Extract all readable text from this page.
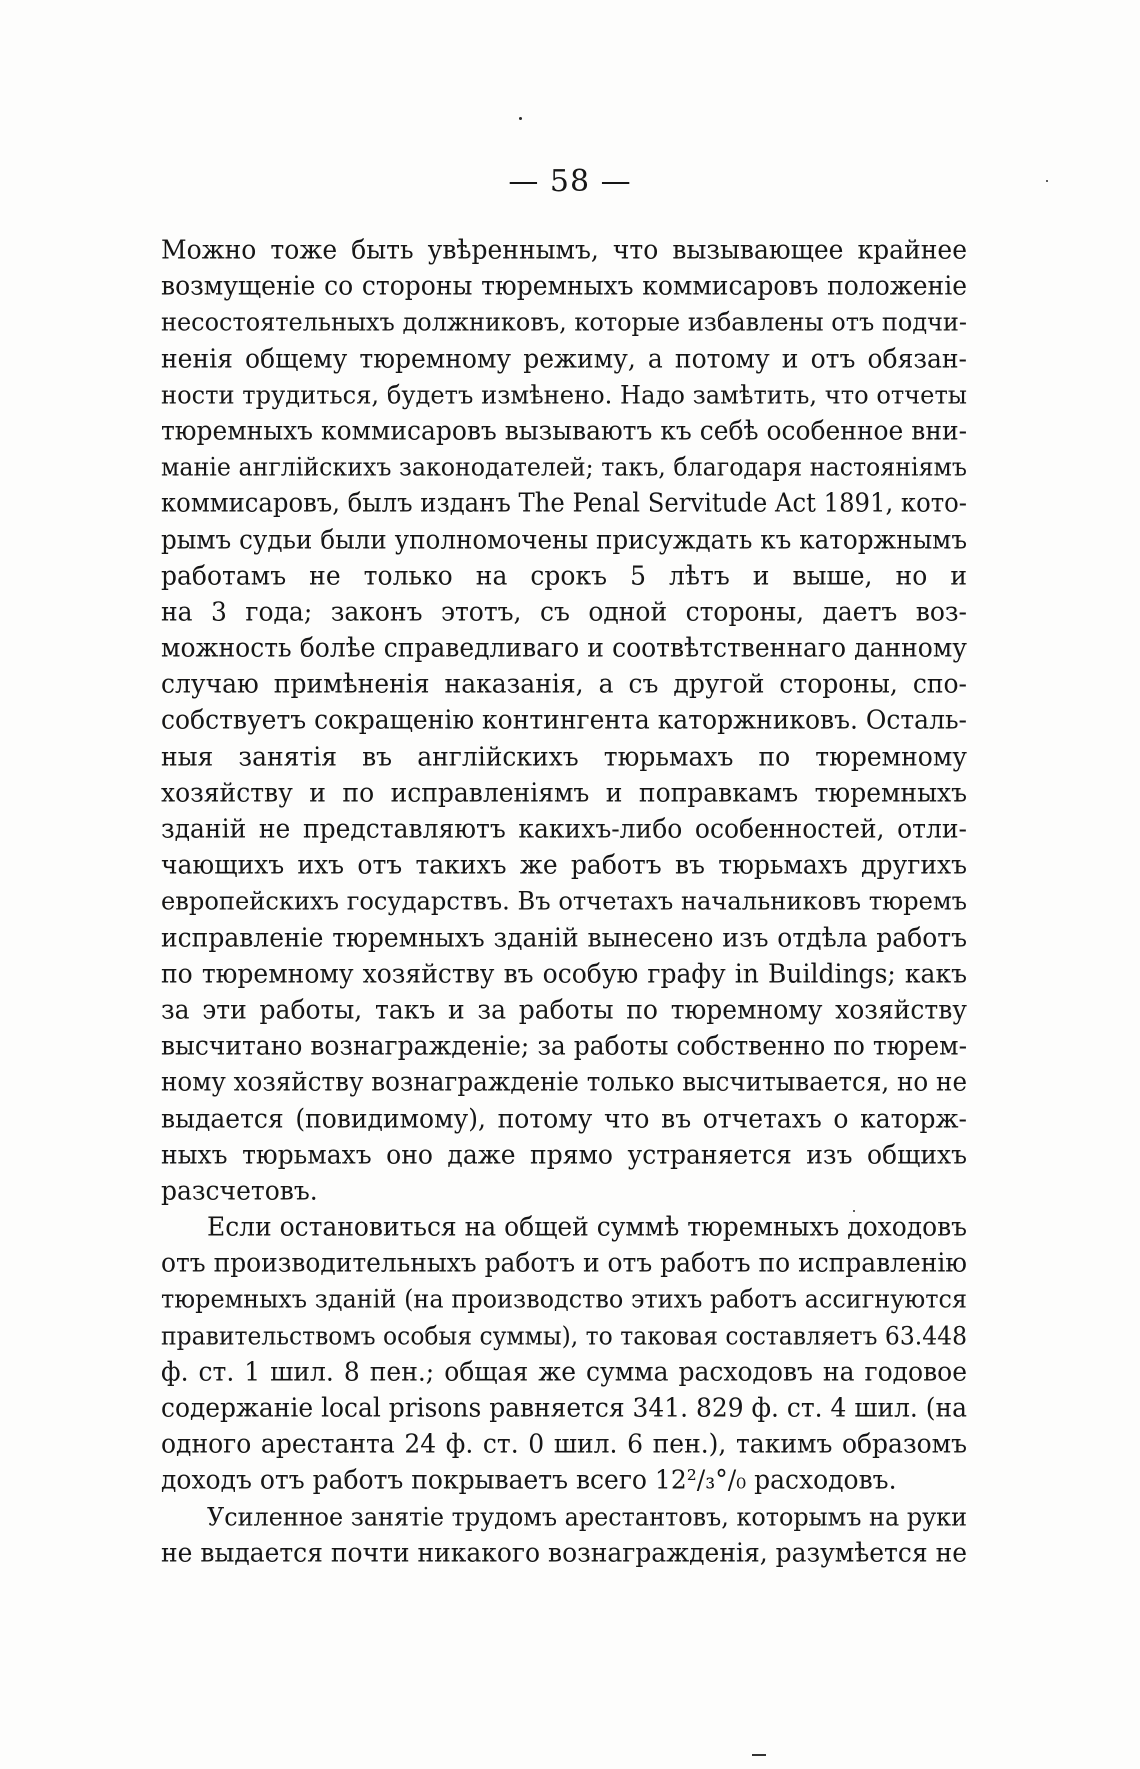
— 58 —
Можно тоже быть увѣреннымъ, что вызывающее крайнее
возмущеніе со стороны тюремныхъ коммисаровъ положеніе
несостоятельныхъ должниковъ, которые избавлены отъ подчи-
ненія общему тюремному режиму, а потому и отъ обязан-
ности трудиться, будетъ измѣнено. Надо замѣтить, что отчеты
тюремныхъ коммисаровъ вызываютъ къ себѣ особенное вни-
маніе англійскихъ законодателей; такъ, благодаря настояніямъ
коммисаровъ, былъ изданъ The Penal Servitude Act 1891, кото-
рымъ судьи были уполномочены присуждать къ каторжнымъ
работамъ не только на срокъ 5 лѣтъ и выше, но и
на 3 года; законъ этотъ, съ одной стороны, даетъ воз-
можность болѣе справедливаго и соотвѣтственнаго данному
случаю примѣненія наказанія, а съ другой стороны, спо-
собствуетъ сокращенію контингента каторжниковъ. Осталь-
ныя занятія въ англійскихъ тюрьмахъ по тюремному
хозяйству и по исправленіямъ и поправкамъ тюремныхъ
зданій не представляютъ какихъ-либо особенностей, отли-
чающихъ ихъ отъ такихъ же работъ въ тюрьмахъ другихъ
европейскихъ государствъ. Въ отчетахъ начальниковъ тюремъ
исправленіе тюремныхъ зданій вынесено изъ отдѣла работъ
по тюремному хозяйству въ особую графу in Buildings; какъ
за эти работы, такъ и за работы по тюремному хозяйству
высчитано вознагражденіе; за работы собственно по тюрем-
ному хозяйству вознагражденіе только высчитывается, но не
выдается (повидимому), потому что въ отчетахъ о каторж-
ныхъ тюрьмахъ оно даже прямо устраняется изъ общихъ
разсчетовъ.
Если остановиться на общей суммѣ тюремныхъ доходовъ
отъ производительныхъ работъ и отъ работъ по исправленію
тюремныхъ зданій (на производство этихъ работъ ассигнуются
правительствомъ особыя суммы), то таковая составляетъ 63.448
ф. ст. 1 шил. 8 пен.; общая же сумма расходовъ на годовое
содержаніе local prisons равняется 341. 829 ф. ст. 4 шил. (на
одного арестанта 24 ф. ст. 0 шил. 6 пен.), такимъ образомъ
доходъ отъ работъ покрываетъ всего 12²/₃°/₀ расходовъ.
Усиленное занятіе трудомъ арестантовъ, которымъ на руки
не выдается почти никакого вознагражденія, разумѣется не
